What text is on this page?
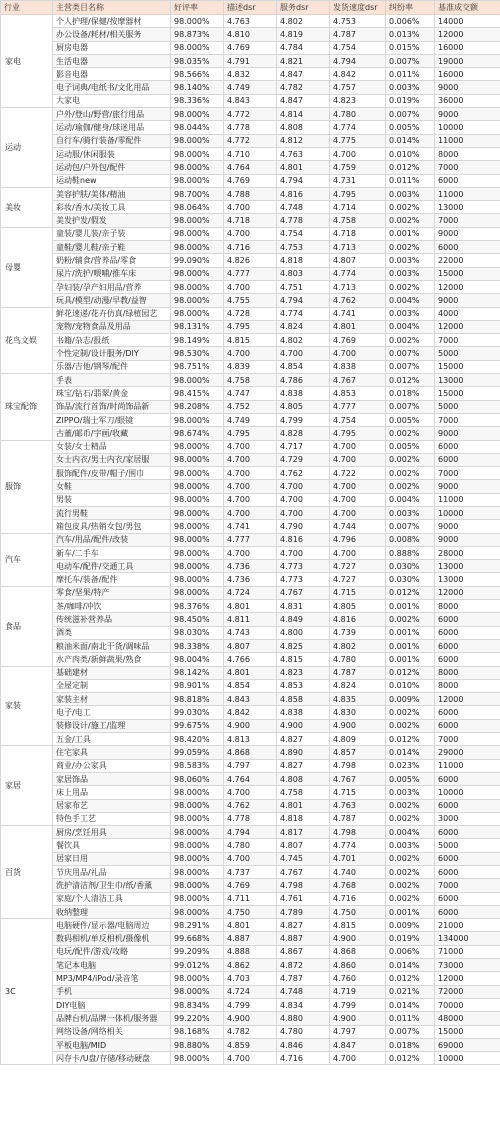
行业	主营类目名称	好评率	描述dsr	服务dsr	发货速度dsr	纠纷率	基准成交额
家电	个人护理/保健/按摩器材	98.000%	4.763	4.802	4.753	0.006%	14000
	办公设备/耗材/相关服务	98.873%	4.810	4.819	4.787	0.013%	12000
	厨房电器	98.000%	4.769	4.784	4.754	0.015%	16000
	生活电器	98.035%	4.791	4.821	4.794	0.007%	19000
	影音电器	98.566%	4.832	4.847	4.842	0.011%	16000
	电子词典/电纸书/文化用品	98.140%	4.749	4.782	4.757	0.003%	9000
	大家电	98.336%	4.843	4.847	4.823	0.019%	36000
运动	户外/登山/野营/旅行用品	98.000%	4.772	4.814	4.780	0.007%	9000
	运动/瑜伽/健身/球迷用品	98.044%	4.778	4.808	4.774	0.005%	10000
	自行车/骑行装备/零配件	98.000%	4.772	4.812	4.775	0.014%	11000
	运动服/休闲服装	98.000%	4.710	4.763	4.700	0.010%	8000
	运动包/户外包/配件	98.000%	4.764	4.801	4.759	0.012%	7000
	运动鞋new	98.000%	4.769	4.794	4.731	0.011%	6000
美妆	美容护肤/美体/精油	98.700%	4.788	4.816	4.795	0.003%	11000
	彩妆/香水/美妆工具	98.064%	4.700	4.748	4.714	0.002%	13000
	美发护发/假发	98.000%	4.718	4.778	4.758	0.002%	7000
母婴	童装/婴儿装/亲子装	98.000%	4.700	4.754	4.718	0.001%	9000
	童鞋/婴儿鞋/亲子鞋	98.000%	4.716	4.753	4.713	0.002%	6000
	奶粉/辅食/营养品/零食	99.090%	4.826	4.818	4.807	0.003%	22000
	尿片/洗护/喂哺/推车床	98.000%	4.777	4.803	4.774	0.003%	15000
	孕妇装/孕产妇用品/营养	98.000%	4.700	4.751	4.713	0.002%	12000
	玩具/模型/动漫/早教/益智	98.000%	4.755	4.794	4.762	0.004%	9000
花鸟文娱	鲜花速递/花卉仿真/绿植园艺	98.000%	4.728	4.774	4.741	0.003%	4000
	宠物/宠物食品及用品	98.131%	4.795	4.824	4.801	0.004%	12000
	书籍/杂志/报纸	98.149%	4.815	4.802	4.769	0.002%	7000
	个性定制/设计服务/DIY	98.530%	4.700	4.700	4.700	0.007%	5000
	乐器/吉他/钢琴/配件	98.751%	4.839	4.854	4.838	0.007%	15000
珠宝配饰	手表	98.000%	4.758	4.786	4.767	0.012%	13000
	珠宝/钻石/翡翠/黄金	98.415%	4.747	4.838	4.853	0.018%	15000
	饰品/流行首饰/时尚饰品新	98.208%	4.752	4.805	4.777	0.007%	5000
	ZIPPO/瑞士军刀/眼镜	98.000%	4.749	4.799	4.754	0.005%	7000
	古董/邮币/字画/收藏	98.674%	4.795	4.828	4.795	0.002%	9000
服饰	女装/女士精品	98.000%	4.700	4.717	4.700	0.005%	6000
	女士内衣/男士内衣/家居服	98.000%	4.700	4.729	4.700	0.002%	6000
	服饰配件/皮带/帽子/围巾	98.000%	4.700	4.762	4.722	0.002%	7000
	女鞋	98.000%	4.700	4.700	4.700	0.002%	9000
	男装	98.000%	4.700	4.700	4.700	0.004%	11000
	流行男鞋	98.000%	4.700	4.700	4.700	0.003%	10000
	箱包皮具/热销女包/男包	98.000%	4.741	4.790	4.744	0.007%	9000
汽车	汽车/用品/配件/改装	98.000%	4.777	4.816	4.796	0.008%	9000
	新车/二手车	98.000%	4.700	4.700	4.700	0.888%	28000
	电动车/配件/交通工具	98.000%	4.736	4.773	4.727	0.030%	13000
	摩托车/装备/配件	98.000%	4.736	4.773	4.727	0.030%	13000
食品	零食/坚果/特产	98.000%	4.724	4.767	4.715	0.012%	12000
	茶/咖啡/冲饮	98.376%	4.801	4.831	4.805	0.001%	8000
	传统滋补营养品	98.450%	4.811	4.849	4.816	0.002%	6000
	酒类	98.030%	4.743	4.800	4.739	0.001%	6000
	粮油米面/南北干货/调味品	98.338%	4.807	4.825	4.802	0.001%	6000
	水产肉类/新鲜蔬果/熟食	98.004%	4.766	4.815	4.780	0.001%	6000
家装	基础建材	98.142%	4.801	4.823	4.787	0.012%	8000
	全屋定制	98.901%	4.854	4.853	4.824	0.010%	8000
	家装主材	98.818%	4.843	4.858	4.835	0.009%	12000
	电子/电工	99.030%	4.842	4.838	4.830	0.002%	6000
	装修设计/施工/监理	99.675%	4.900	4.900	4.900	0.002%	6000
	五金/工具	98.420%	4.813	4.827	4.809	0.012%	7000
家居	住宅家具	99.059%	4.868	4.890	4.857	0.014%	29000
	商业/办公家具	98.583%	4.797	4.827	4.798	0.023%	11000
	家居饰品	98.060%	4.764	4.808	4.767	0.005%	6000
	床上用品	98.000%	4.700	4.758	4.715	0.003%	10000
	居家布艺	98.000%	4.762	4.801	4.763	0.002%	6000
	特色手工艺	98.000%	4.778	4.818	4.787	0.002%	3000
百货	厨房/烹饪用具	98.000%	4.794	4.817	4.798	0.004%	6000
	餐饮具	98.000%	4.780	4.807	4.774	0.003%	5000
	居家日用	98.000%	4.700	4.745	4.701	0.002%	6000
	节庆用品/礼品	98.000%	4.737	4.767	4.740	0.002%	6000
	洗护清洁剂/卫生巾/纸/香薰	98.000%	4.769	4.798	4.768	0.002%	7000
	家庭/个人清洁工具	98.000%	4.711	4.761	4.716	0.002%	6000
	收纳整理	98.000%	4.750	4.789	4.750	0.001%	6000
3C	电脑硬件/显示器/电脑周边	98.291%	4.801	4.827	4.815	0.009%	21000
	数码相机/单反相机/摄像机	99.668%	4.887	4.887	4.900	0.019%	134000
	电玩/配件/游戏/攻略	99.209%	4.888	4.867	4.868	0.006%	71000
	笔记本电脑	99.012%	4.862	4.872	4.860	0.014%	73000
	MP3/MP4/iPod/录音笔	98.000%	4.703	4.787	4.760	0.012%	12000
	手机	98.000%	4.724	4.748	4.719	0.021%	72000
	DIY电脑	98.834%	4.799	4.834	4.799	0.014%	70000
	品牌台机/品牌一体机/服务器	99.220%	4.900	4.880	4.900	0.011%	48000
	网络设备/网络相关	98.168%	4.782	4.780	4.797	0.007%	15000
	平板电脑/MID	98.880%	4.859	4.846	4.847	0.018%	69000
	闪存卡/U盘/存储/移动硬盘	98.000%	4.700	4.716	4.700	0.012%	10000
